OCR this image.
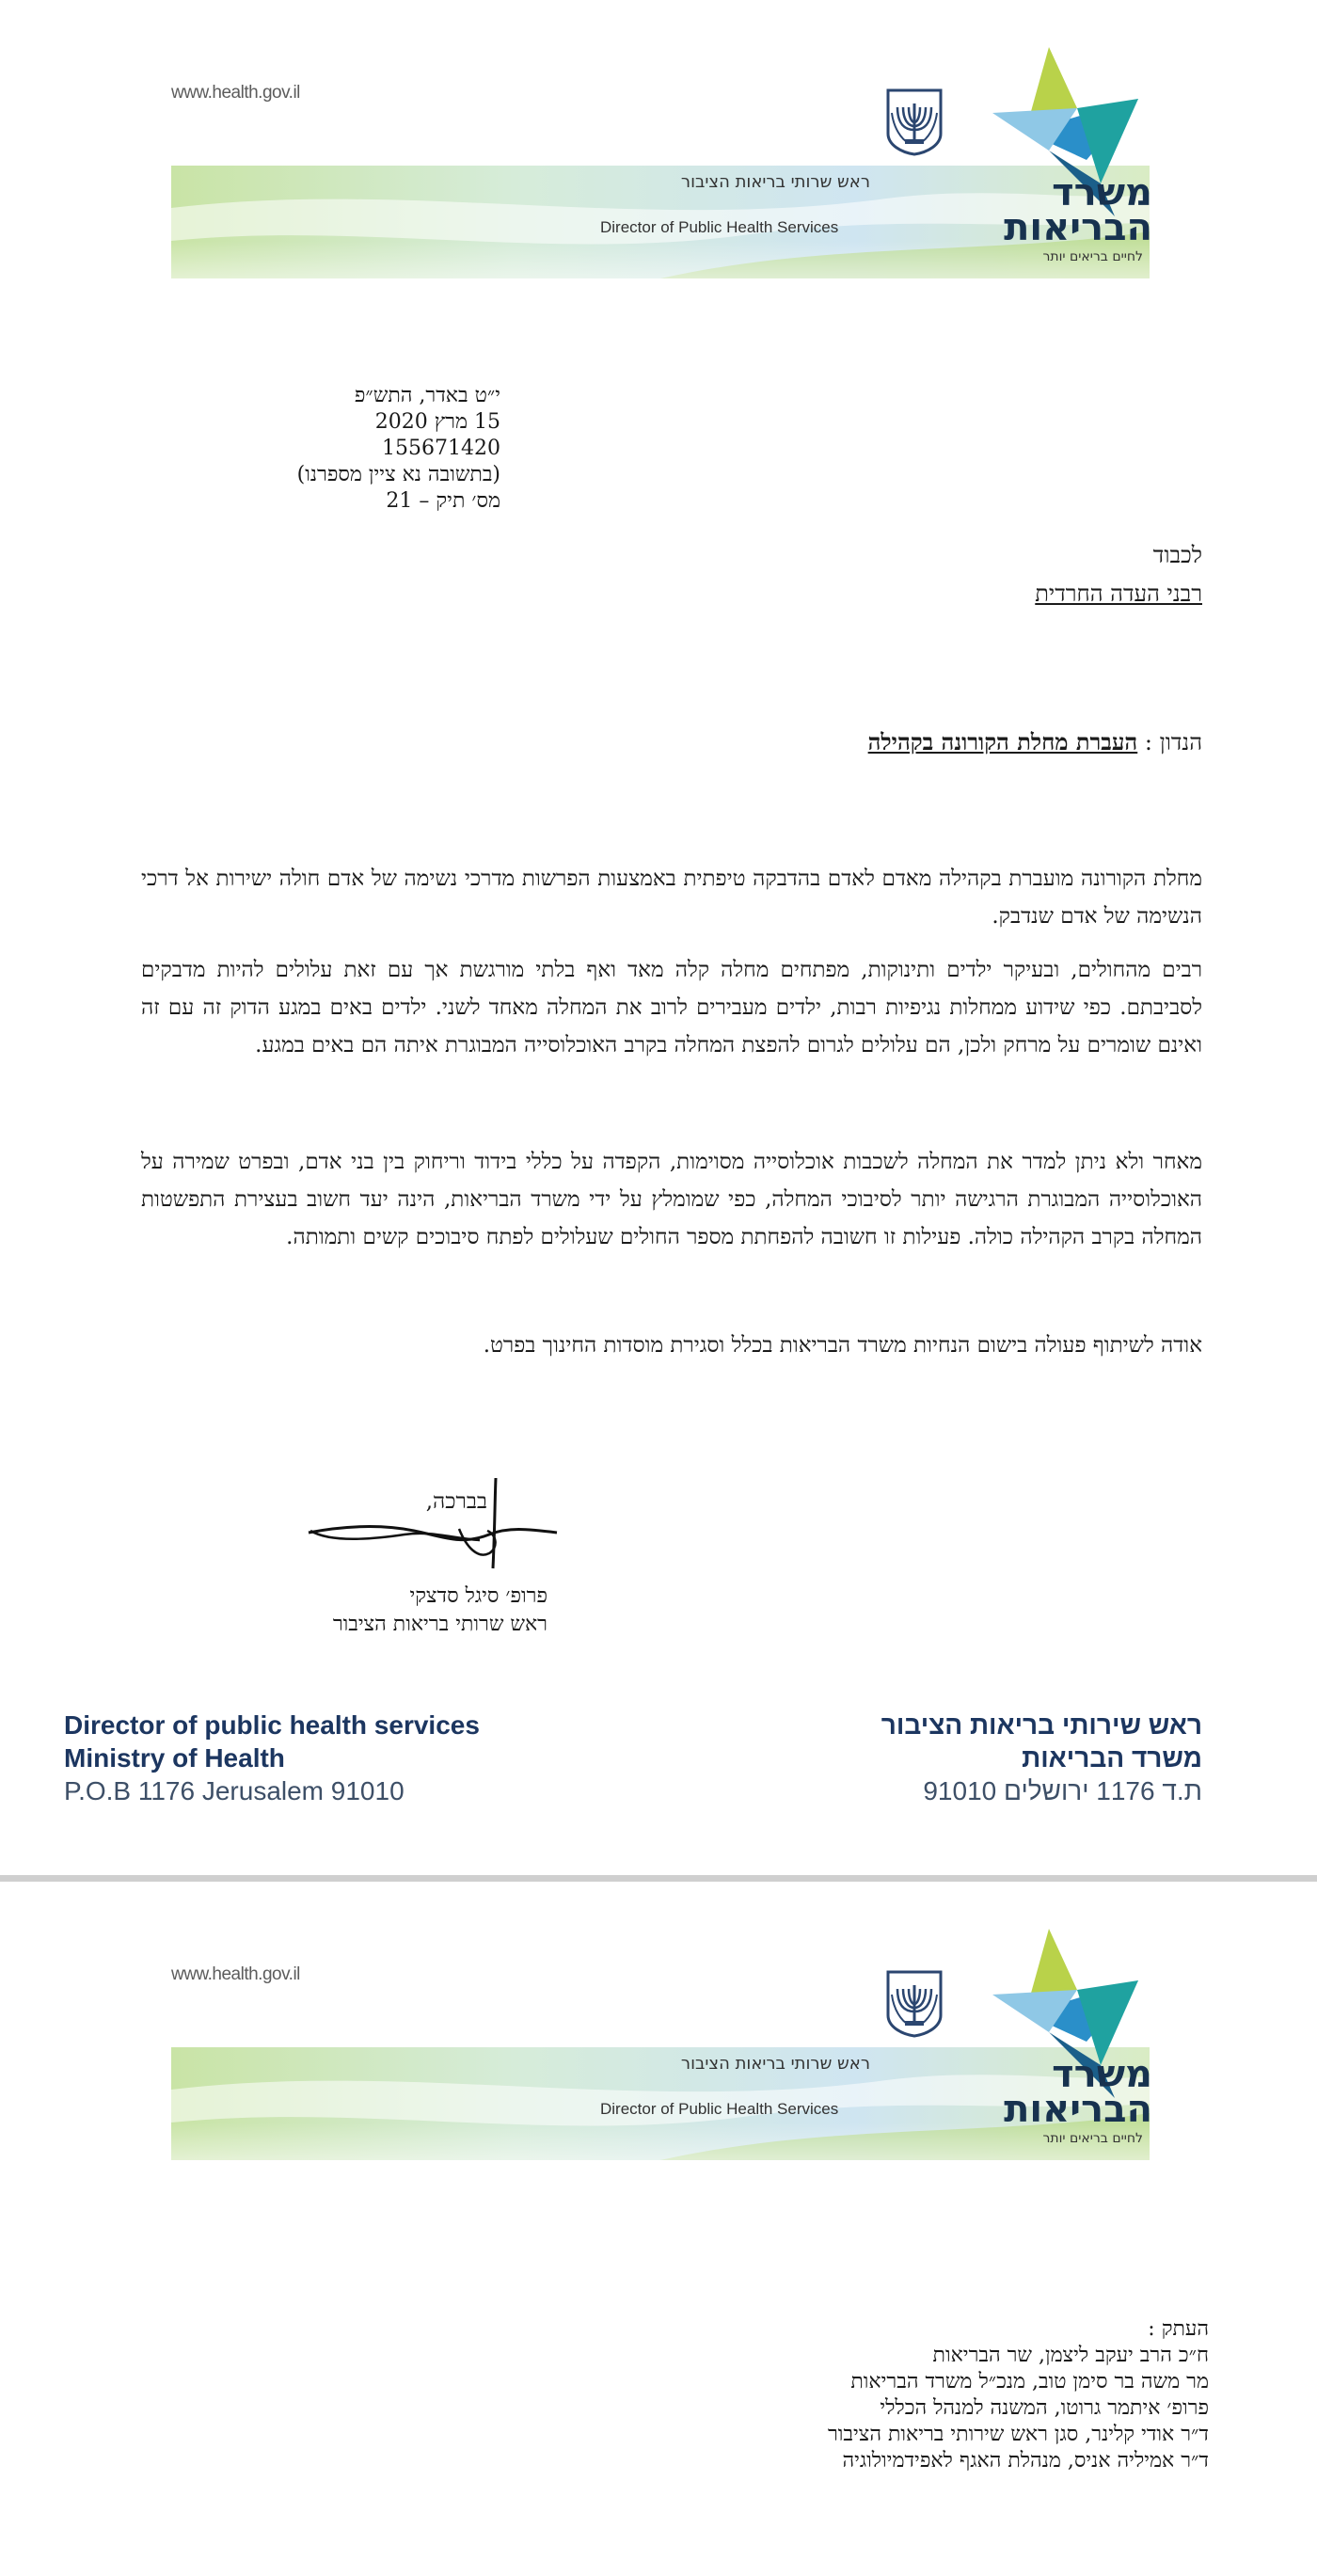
www.health.gov.il
ראש שרותי בריאות הציבור
Director of Public Health Services
משרד
הבריאות
לחיים בריאים יותר
י״ט באדר, התש״פ
15 מרץ 2020
155671420
(בתשובה נא ציין מספרנו)
מס׳ תיק – 21
לכבוד
רבני העדה החרדית
הנדון : העברת מחלת הקורונה בקהילה
מחלת הקורונה מועברת בקהילה מאדם לאדם בהדבקה טיפתית באמצעות הפרשות מדרכי נשימה של אדם חולה ישירות אל דרכי הנשימה של אדם שנדבק.
רבים מהחולים, ובעיקר ילדים ותינוקות, מפתחים מחלה קלה מאד ואף בלתי מורגשת אך עם זאת עלולים להיות מדבקים לסביבתם. כפי שידוע ממחלות נגיפיות רבות, ילדים מעבירים לרוב את המחלה מאחד לשני. ילדים באים במגע הדוק זה עם זה ואינם שומרים על מרחק ולכן, הם עלולים לגרום להפצת המחלה בקרב האוכלוסייה המבוגרת איתה הם באים במגע.
מאחר ולא ניתן למדר את המחלה לשכבות אוכלוסייה מסוימות, הקפדה על כללי בידוד וריחוק בין בני אדם, ובפרט שמירה על האוכלוסייה המבוגרת הרגישה יותר לסיבוכי המחלה, כפי שמומלץ על ידי משרד הבריאות, הינה יעד חשוב בעצירת התפשטות המחלה בקרב הקהילה כולה. פעילות זו חשובה להפחתת מספר החולים שעלולים לפתח סיבוכים קשים ותמותה.
אודה לשיתוף פעולה בישום הנחיות משרד הבריאות בכלל וסגירת מוסדות החינוך בפרט.
בברכה,
פרופ׳ סיגל סדצקי
ראש שרותי בריאות הציבור
Director of public health services
Ministry of Health
P.O.B 1176 Jerusalem 91010
ראש שירותי בריאות הציבור
משרד הבריאות
ת.ד 1176 ירושלים 91010
www.health.gov.il
ראש שרותי בריאות הציבור
Director of Public Health Services
משרד
הבריאות
לחיים בריאים יותר
העתק :
ח״כ הרב יעקב ליצמן, שר הבריאות
מר משה בר סימן טוב, מנכ״ל משרד הבריאות
פרופ׳ איתמר גרוטו, המשנה למנהל הכללי
ד״ר אודי קלינר, סגן ראש שירותי בריאות הציבור
ד״ר אמיליה אניס, מנהלת האגף לאפידמיולוגיה
